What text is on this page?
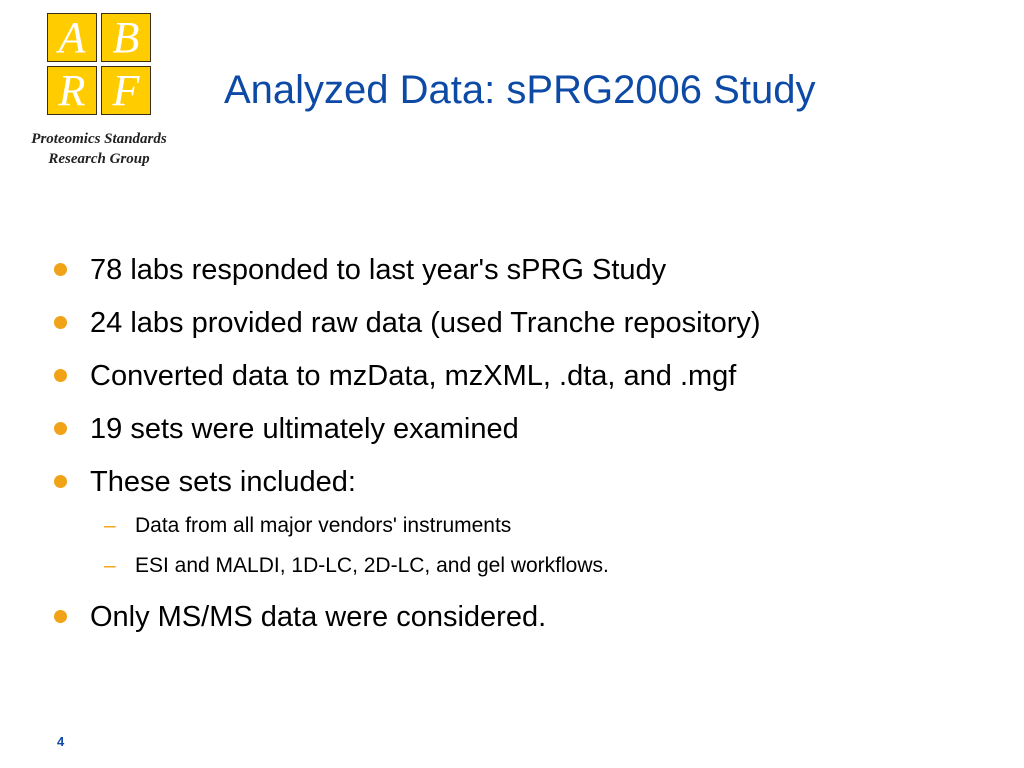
A B
R F
Proteomics Standards
Research Group
Analyzed Data: sPRG2006 Study
78 labs responded to last year's sPRG Study
24 labs provided raw data (used Tranche repository)
Converted data to mzData, mzXML, .dta, and .mgf
19 sets were ultimately examined
These sets included:
– Data from all major vendors' instruments
– ESI and MALDI, 1D-LC, 2D-LC, and gel workflows.
Only MS/MS data were considered.
4
